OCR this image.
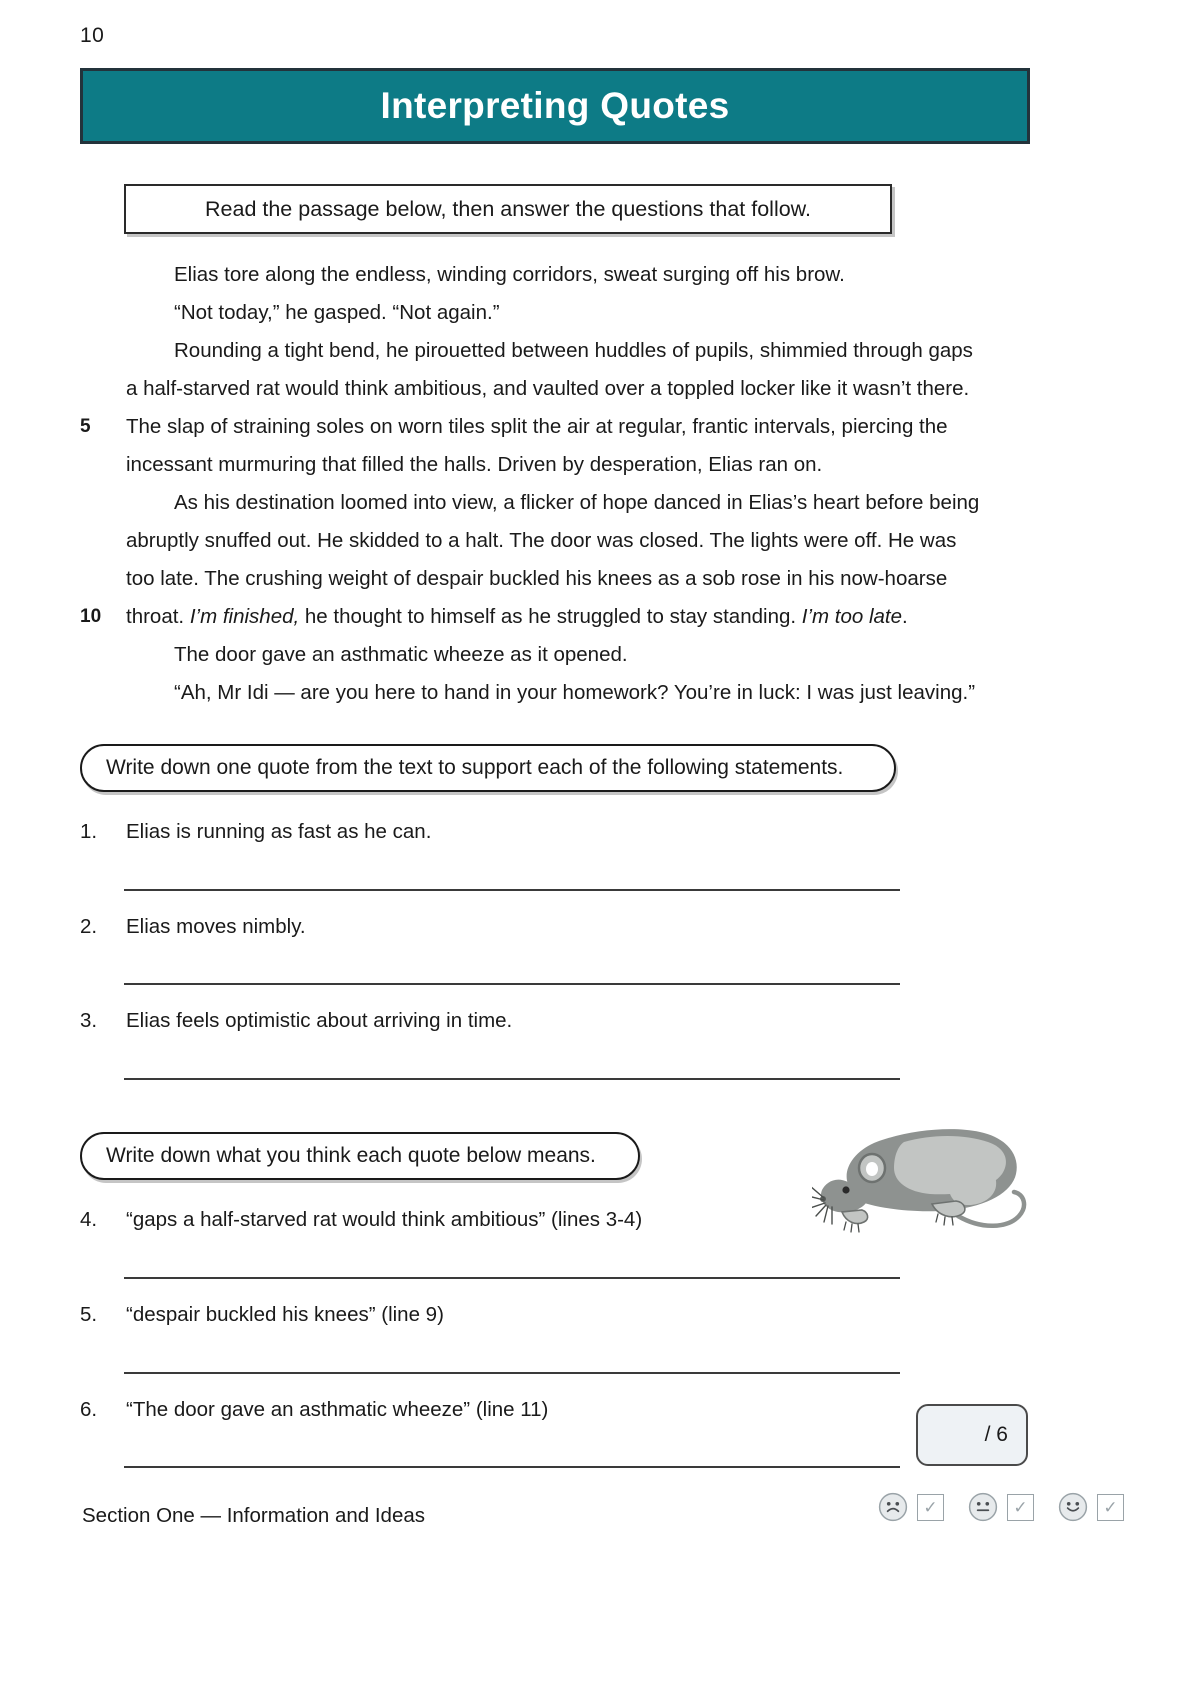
10
Interpreting Quotes
Read the passage below, then answer the questions that follow.
Elias tore along the endless, winding corridors, sweat surging off his brow.
“Not today,” he gasped. “Not again.”
Rounding a tight bend, he pirouetted between huddles of pupils, shimmied through gaps
a half-starved rat would think ambitious, and vaulted over a toppled locker like it wasn’t there.
5	The slap of straining soles on worn tiles split the air at regular, frantic intervals, piercing the
incessant murmuring that filled the halls. Driven by desperation, Elias ran on.
As his destination loomed into view, a flicker of hope danced in Elias’s heart before being
abruptly snuffed out. He skidded to a halt. The door was closed. The lights were off. He was
too late. The crushing weight of despair buckled his knees as a sob rose in his now-hoarse
10 throat. I’m finished, he thought to himself as he struggled to stay standing. I’m too late.
The door gave an asthmatic wheeze as it opened.
“Ah, Mr Idi — are you here to hand in your homework? You’re in luck: I was just leaving.”
Write down one quote from the text to support each of the following statements.
1.	Elias is running as fast as he can.
2.	Elias moves nimbly.
3.	Elias feels optimistic about arriving in time.
Write down what you think each quote below means.
4.	“gaps a half-starved rat would think ambitious” (lines 3-4)
5.	“despair buckled his knees” (line 9)
6.	“The door gave an asthmatic wheeze” (line 11)
/ 6
Section One — Information and Ideas	✓	✓	✓
